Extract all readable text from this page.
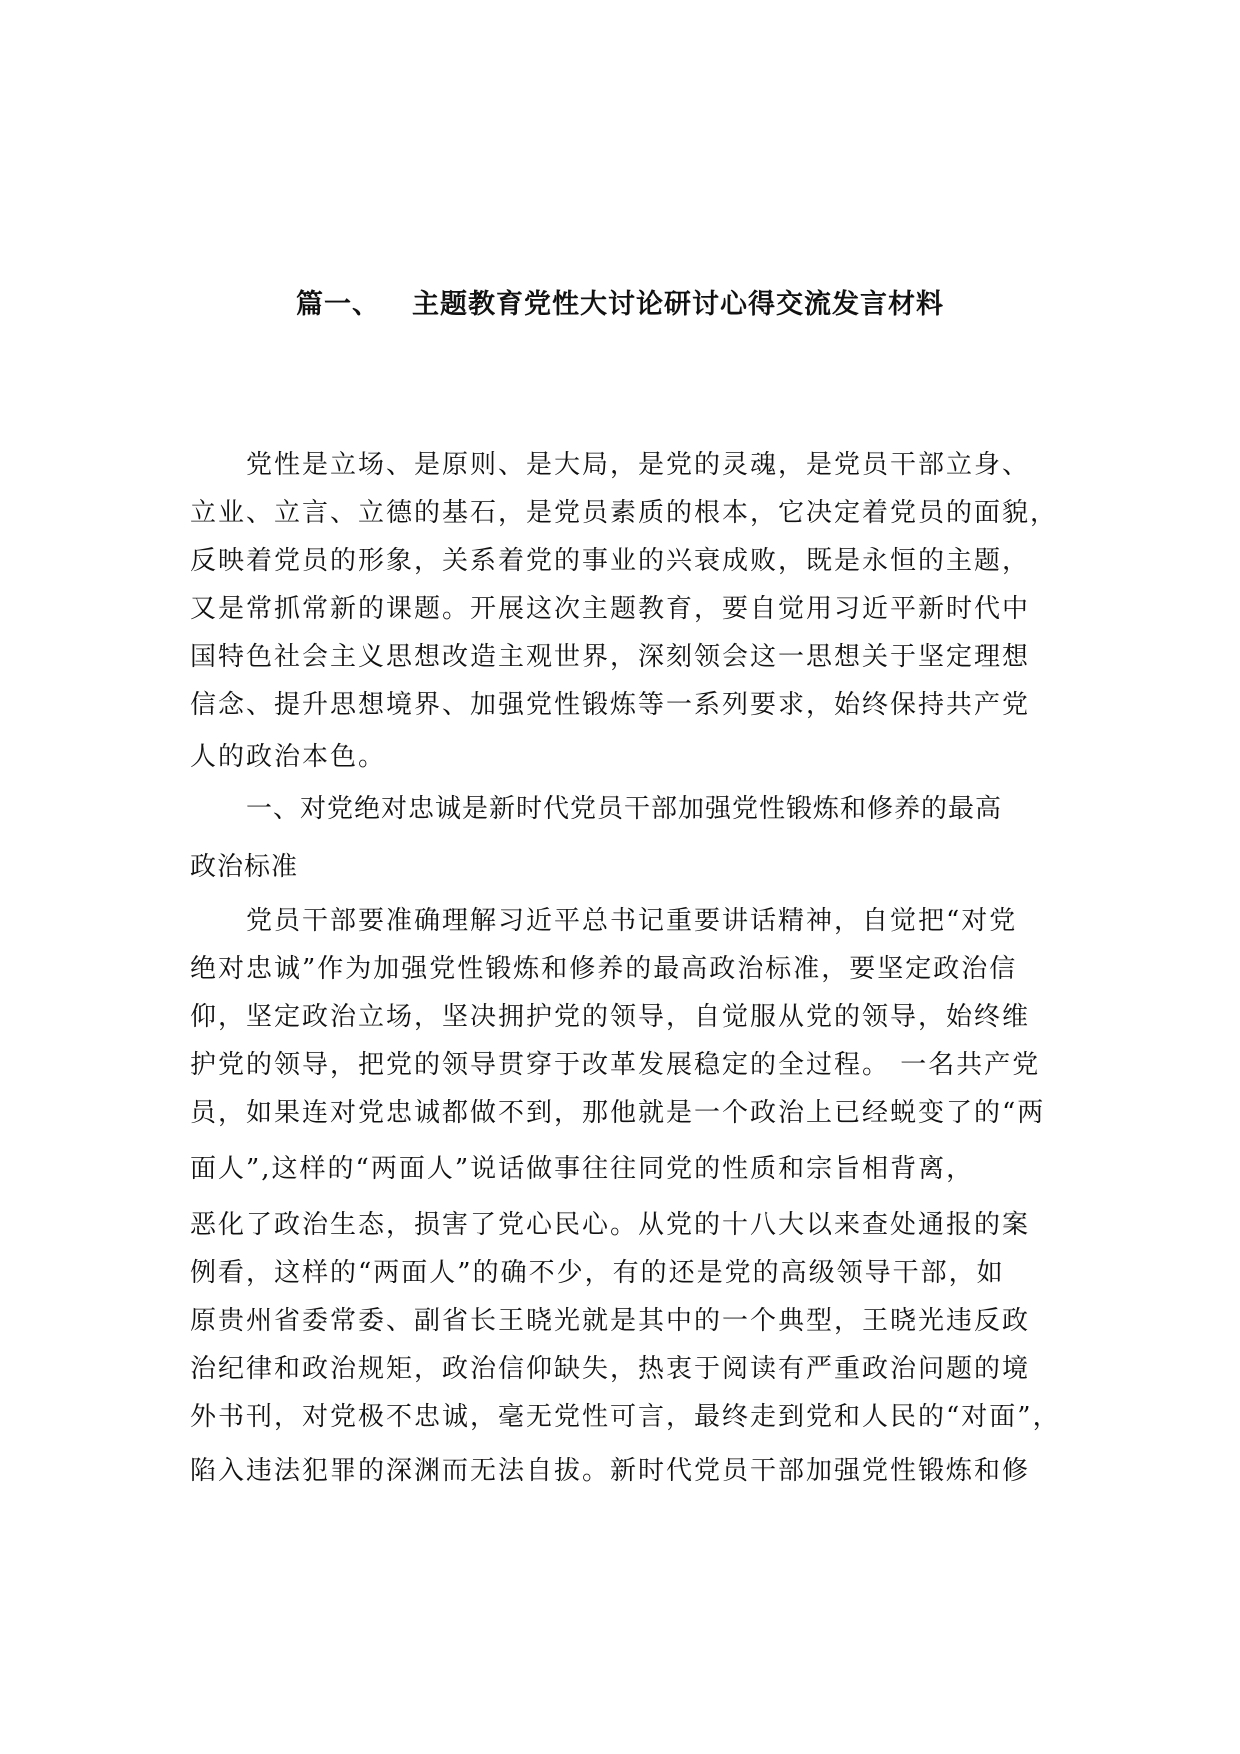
篇一、 主题教育党性大讨论研讨心得交流发言材料
党性是立场、是原则、是大局，是党的灵魂，是党员干部立身、
立业、立言、立德的基石，是党员素质的根本，它决定着党员的面貌，
反映着党员的形象，关系着党的事业的兴衰成败，既是永恒的主题，
又是常抓常新的课题。开展这次主题教育，要自觉用习近平新时代中
国特色社会主义思想改造主观世界，深刻领会这一思想关于坚定理想
信念、提升思想境界、加强党性锻炼等一系列要求，始终保持共产党
人的政治本色。
一、对党绝对忠诚是新时代党员干部加强党性锻炼和修养的最高
政治标准
党员干部要准确理解习近平总书记重要讲话精神，自觉把“对党
绝对忠诚”作为加强党性锻炼和修养的最高政治标准，要坚定政治信
仰，坚定政治立场，坚决拥护党的领导，自觉服从党的领导，始终维
护党的领导，把党的领导贯穿于改革发展稳定的全过程。 一名共产党
员，如果连对党忠诚都做不到，那他就是一个政治上已经蜕变了的“两
面人”,这样的“两面人”说话做事往往同党的性质和宗旨相背离，
恶化了政治生态，损害了党心民心。从党的十八大以来查处通报的案
例看，这样的“两面人”的确不少，有的还是党的高级领导干部，如
原贵州省委常委、副省长王晓光就是其中的一个典型，王晓光违反政
治纪律和政治规矩，政治信仰缺失，热衷于阅读有严重政治问题的境
外书刊，对党极不忠诚，毫无党性可言，最终走到党和人民的“对面”，
陷入违法犯罪的深渊而无法自拔。新时代党员干部加强党性锻炼和修
